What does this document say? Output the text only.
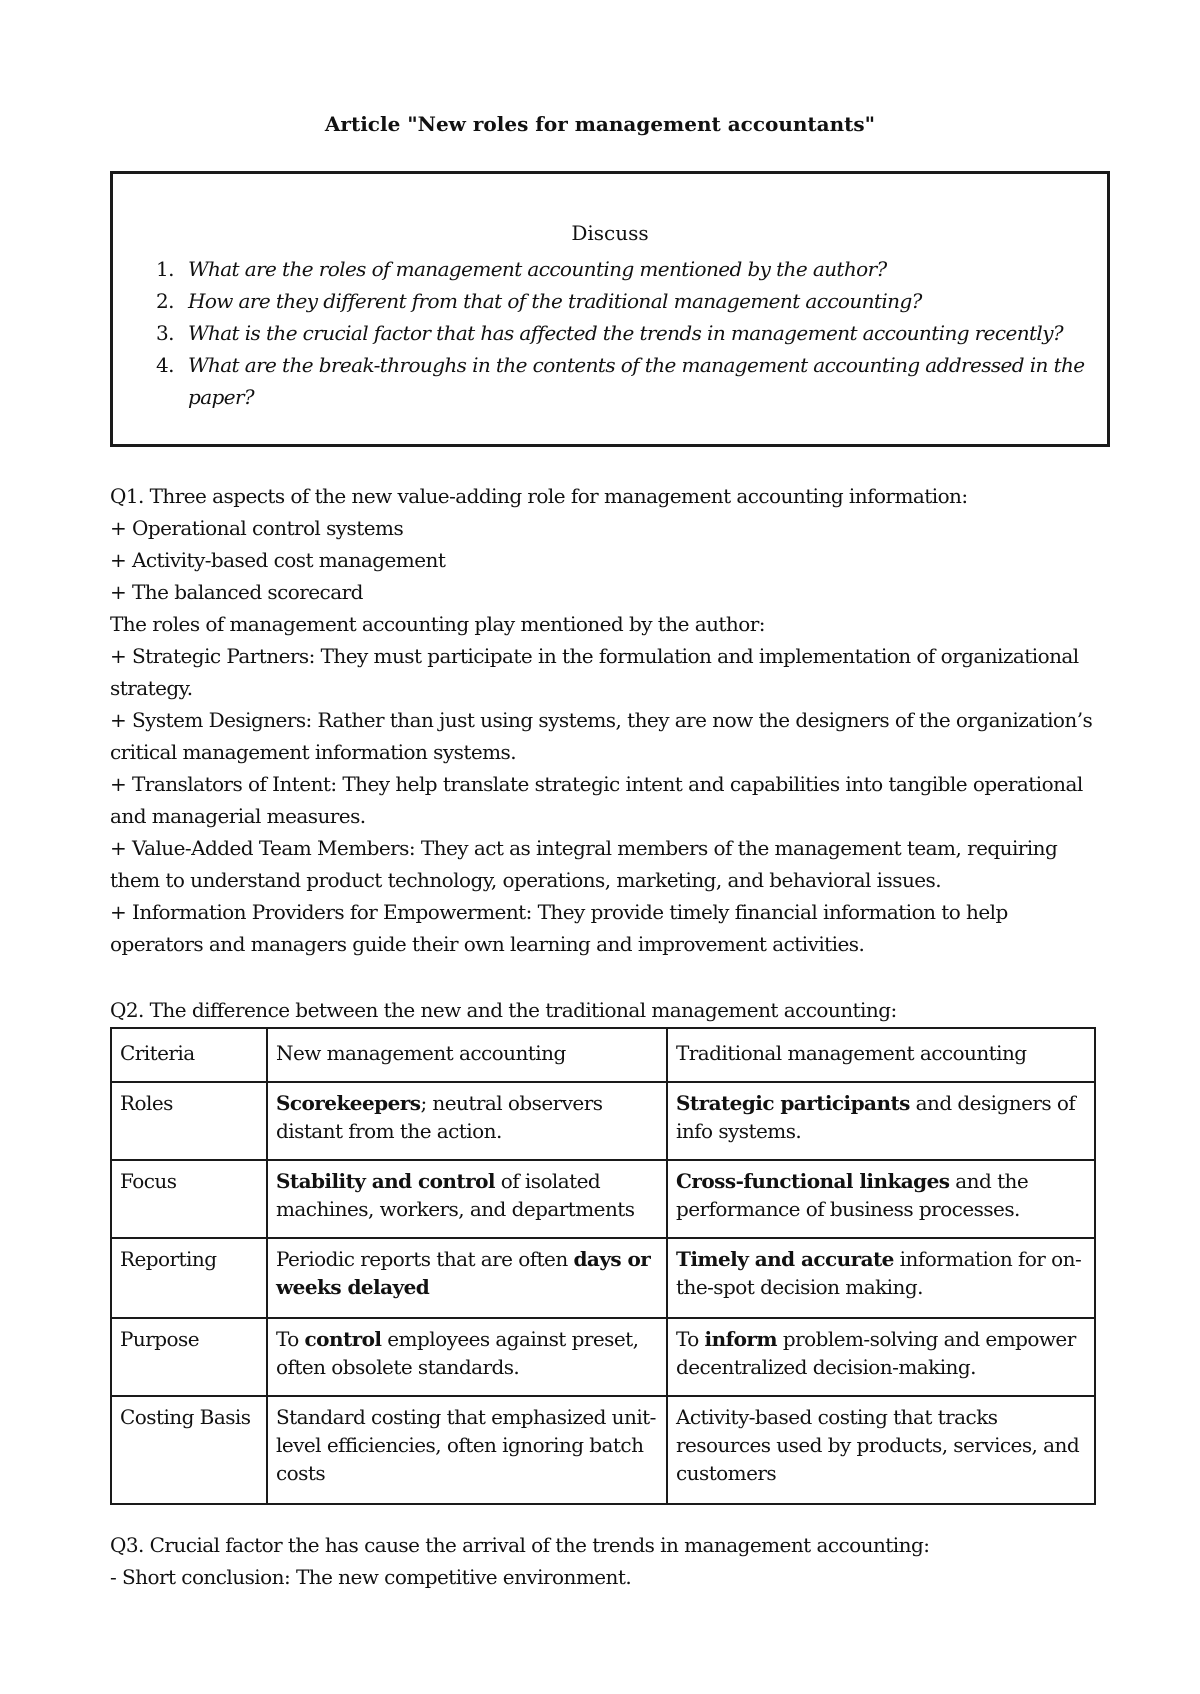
Article "New roles for management accountants"
Discuss
1. What are the roles of management accounting mentioned by the author?
2. How are they different from that of the traditional management accounting?
3. What is the crucial factor that has affected the trends in management accounting recently?
4. What are the break-throughs in the contents of the management accounting addressed in the paper?

Q1. Three aspects of the new value-adding role for management accounting information:

+ Operational control systems

+ Activity-based cost management

+ The balanced scorecard

The roles of management accounting play mentioned by the author:

+ Strategic Partners: They must participate in the formulation and implementation of organizational strategy.

+ System Designers: Rather than just using systems, they are now the designers of the organization’s critical management information systems.

+ Translators of Intent: They help translate strategic intent and capabilities into tangible operational and managerial measures.

+ Value-Added Team Members: They act as integral members of the management team, requiring them to understand product technology, operations, marketing, and behavioral issues.

+ Information Providers for Empowerment: They provide timely financial information to help operators and managers guide their own learning and improvement activities.

Q2. The difference between the new and the traditional management accounting:
Criteria	New management accounting	Traditional management accounting
Roles	Scorekeepers; neutral observers distant from the action.	Strategic participants and designers of info systems.
Focus	Stability and control of isolated machines, workers, and departments	Cross-functional linkages and the performance of business processes.
Reporting	Periodic reports that are often days or weeks delayed	Timely and accurate information for on-the-spot decision making.
Purpose	To control employees against preset, often obsolete standards.	To inform problem-solving and empower decentralized decision-making.
Costing Basis	Standard costing that emphasized unit-level efficiencies, often ignoring batch costs	Activity-based costing that tracks resources used by products, services, and customers

Q3. Crucial factor the has cause the arrival of the trends in management accounting:

- Short conclusion: The new competitive environment.
